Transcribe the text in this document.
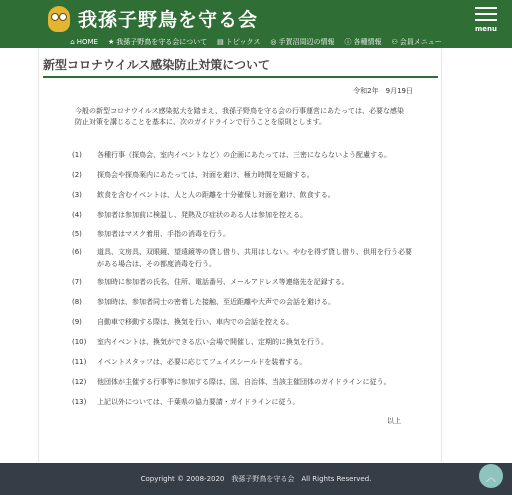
我孫子野鳥を守る会	menu
⌂ HOME ★ 我孫子野鳥を守る会について ▤ トピックス ◎ 手賀沼周辺の情報 ⓘ 各種情報 ⚇ 会員メニュー
新型コロナウイルス感染防止対策について
令和2年　9月19日
今般の新型コロナウイルス感染拡大を踏まえ、我孫子野鳥を守る会の行事運営にあたっては、必要な感染防止対策を講じることを基本に、次のガイドラインで行うことを原則とします。
(1)	各種行事（探鳥会、室内イベントなど）の企画にあたっては、三密にならないよう配慮する。
(2)	探鳥会や探鳥案内にあたっては、対面を避け、極力時間を短縮する。
(3)	飲食を含むイベントは、人と人の距離を十分確保し対面を避け、飲食する。
(4)	参加者は参加前に検温し、発熱及び症状のある人は参加を控える。
(5)	参加者はマスク着用、手指の消毒を行う。
(6)	道具、文房具、双眼鏡、望遠鏡等の貸し借り、共用はしない。やむを得ず貸し借り、供用を行う必要がある場合は、その都度消毒を行う。
(7)	参加時に参加者の氏名、住所、電話番号、メールアドレス等連絡先を記録する。
(8)	参加時は、参加者同士の密着した接触、至近距離や大声での会話を避ける。
(9)	自動車で移動する際は、換気を行い、車内での会話を控える。
(10)	室内イベントは、換気ができる広い会場で開催し、定期的に換気を行う。
(11)	イベントスタッフは、必要に応じてフェイスシールドを装着する。
(12)	他団体が主催する行事等に参加する際は、国、自治体、当該主催団体のガイドラインに従う。
(13)	上記以外については、千葉県の協力要請・ガイドラインに従う。
以上
Copyright © 2008-2020　我孫子野鳥を守る会　All Rights Reserved.	︿
